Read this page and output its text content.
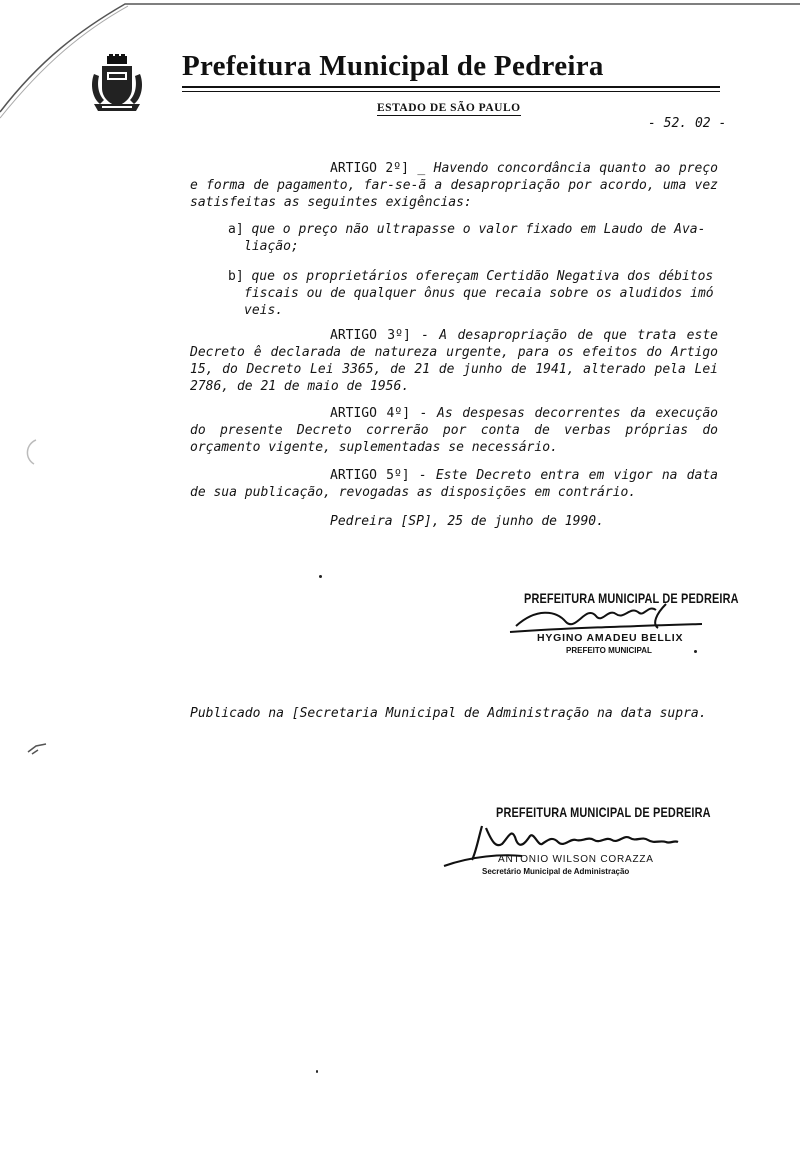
Prefeitura Municipal de Pedreira
ESTADO DE SÃO PAULO
- 52. 02 -
ARTIGO 2º] _ Havendo concordância quanto ao preço e forma de pagamento, far-se-ã a desapropriação por acordo, uma vez satisfeitas as seguintes exigências:
a] que o preço não ultrapasse o valor fixado em Laudo de Ava-
liação;
b] que os proprietários ofereçam Certidão Negativa dos débitos
fiscais ou de qualquer ônus que recaia sobre os aludidos imó
veis.
ARTIGO 3º] - A desapropriação de que trata este Decreto ê declarada de natureza urgente, para os efeitos do Artigo 15, do Decreto Lei 3365, de 21 de junho de 1941, alterado pela Lei 2786, de 21 de maio de 1956.
ARTIGO 4º] - As despesas decorrentes da execução do presente Decreto correrão por conta de verbas próprias do orçamento vigente, suplementadas se necessário.
ARTIGO 5º] - Este Decreto entra em vigor na data de sua publicação, revogadas as disposições em contrário.
Pedreira [SP], 25 de junho de 1990.
PREFEITURA MUNICIPAL DE PEDREIRA
HYGINO AMADEU BELLIX
PREFEITO MUNICIPAL
Publicado na [Secretaria Municipal de Administração na data supra.
PREFEITURA MUNICIPAL DE PEDREIRA
ANTONIO WILSON CORAZZA
Secretário Municipal de Administração
